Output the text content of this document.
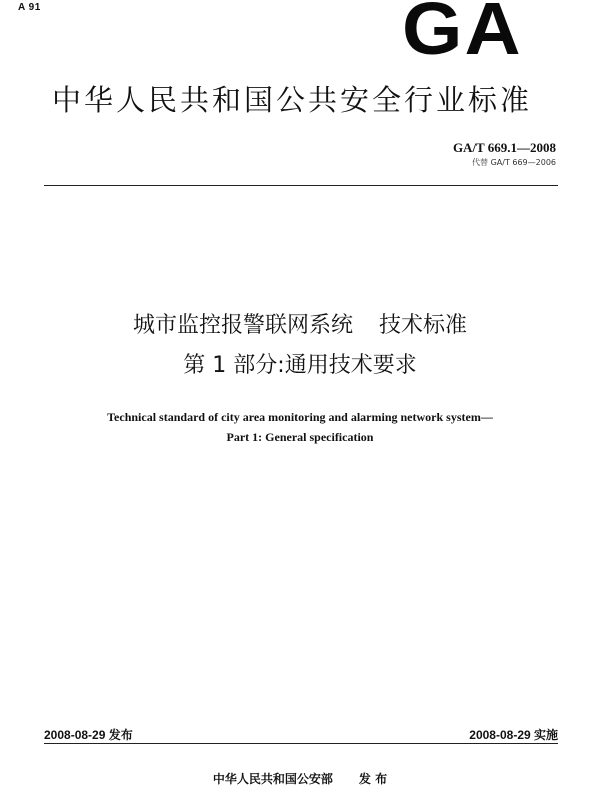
A 91	GA
中华人民共和国公共安全行业标准
GA/T 669.1—2008
代替 GA/T 669—2006
城市监控报警联网系统 技术标准
第 1 部分:通用技术要求
Technical standard of city area monitoring and alarming network system—
Part 1: General specification
2008-08-29 发布	2008-08-29 实施
中华人民共和国公安部 发 布
